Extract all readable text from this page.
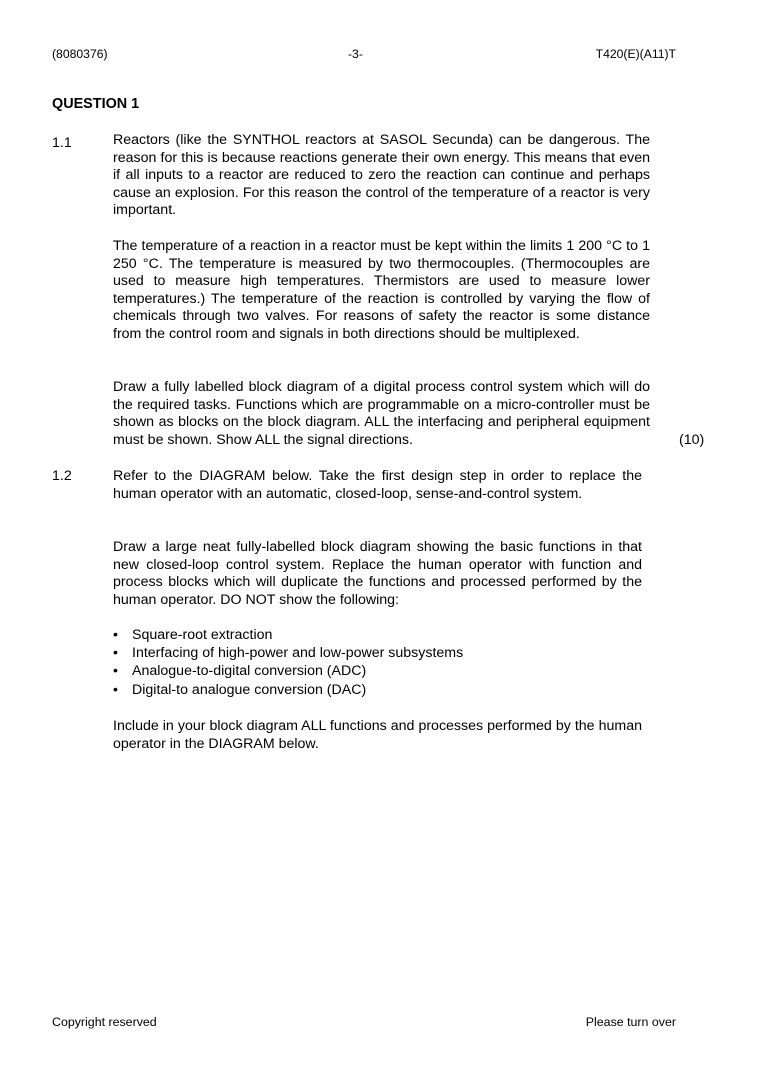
(8080376)	-3-	T420(E)(A11)T
QUESTION 1
1.1	Reactors (like the SYNTHOL reactors at SASOL Secunda) can be dangerous. The reason for this is because reactions generate their own energy. This means that even if all inputs to a reactor are reduced to zero the reaction can continue and perhaps cause an explosion. For this reason the control of the temperature of a reactor is very important.
The temperature of a reaction in a reactor must be kept within the limits 1 200 °C to 1 250 °C. The temperature is measured by two thermocouples. (Thermocouples are used to measure high temperatures. Thermistors are used to measure lower temperatures.) The temperature of the reaction is controlled by varying the flow of chemicals through two valves. For reasons of safety the reactor is some distance from the control room and signals in both directions should be multiplexed.
Draw a fully labelled block diagram of a digital process control system which will do the required tasks. Functions which are programmable on a micro-controller must be shown as blocks on the block diagram. ALL the interfacing and peripheral equipment must be shown. Show ALL the signal directions.	(10)
1.2	Refer to the DIAGRAM below. Take the first design step in order to replace the human operator with an automatic, closed-loop, sense-and-control system.
Draw a large neat fully-labelled block diagram showing the basic functions in that new closed-loop control system. Replace the human operator with function and process blocks which will duplicate the functions and processed performed by the human operator. DO NOT show the following:
• Square-root extraction
• Interfacing of high-power and low-power subsystems
• Analogue-to-digital conversion (ADC)
• Digital-to analogue conversion (DAC)
Include in your block diagram ALL functions and processes performed by the human operator in the DIAGRAM below.
Copyright reserved	Please turn over
